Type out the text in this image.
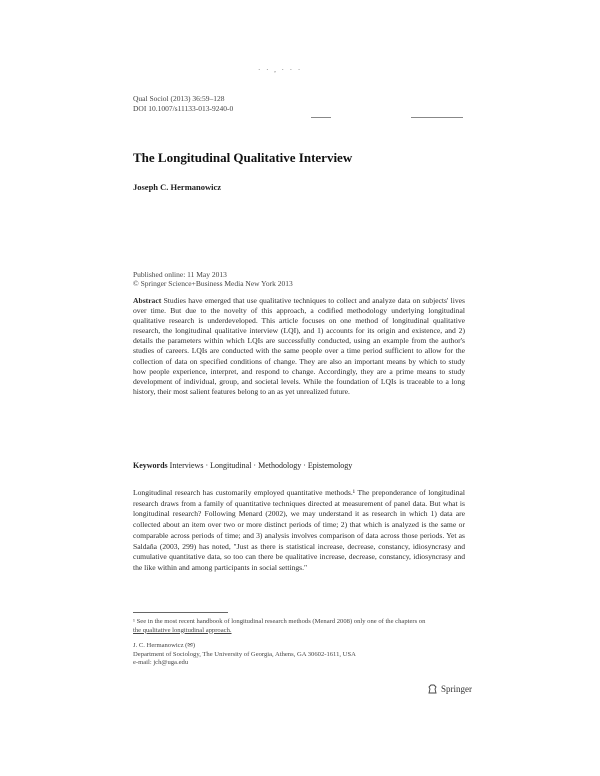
· · , · · ·
Qual Sociol (2013) 36:59–128
DOI 10.1007/s11133-013-9240-0
The Longitudinal Qualitative Interview
Joseph C. Hermanowicz
Published online: 11 May 2013
© Springer Science+Business Media New York 2013
Abstract Studies have emerged that use qualitative techniques to collect and analyze data on subjects' lives over time. But due to the novelty of this approach, a codified methodology underlying longitudinal qualitative research is underdeveloped. This article focuses on one method of longitudinal qualitative research, the longitudinal qualitative interview (LQI), and 1) accounts for its origin and existence, and 2) details the parameters within which LQIs are successfully conducted, using an example from the author's studies of careers. LQIs are conducted with the same people over a time period sufficient to allow for the collection of data on specified conditions of change. They are also an important means by which to study how people experience, interpret, and respond to change. Accordingly, they are a prime means to study development of individual, group, and societal levels. While the foundation of LQIs is traceable to a long history, their most salient features belong to an as yet unrealized future.
Keywords Interviews · Longitudinal · Methodology · Epistemology
Longitudinal research has customarily employed quantitative methods.¹ The preponderance of longitudinal research draws from a family of quantitative techniques directed at measurement of panel data. But what is longitudinal research? Following Menard (2002), we may understand it as research in which 1) data are collected about an item over two or more distinct periods of time; 2) that which is analyzed is the same or comparable across periods of time; and 3) analysis involves comparison of data across those periods. Yet as Saldaña (2003, 299) has noted, "Just as there is statistical increase, decrease, constancy, idiosyncrasy and cumulative quantitative data, so too can there be qualitative increase, decrease, constancy, idiosyncrasy and the like within and among participants in social settings."
¹ See in the most recent handbook of longitudinal research methods (Menard 2008) only one of the chapters on
the qualitative longitudinal approach.
J. C. Hermanowicz (✉)
Department of Sociology, The University of Georgia, Athens, GA 30602-1611, USA
e-mail: jch@uga.edu
Springer
